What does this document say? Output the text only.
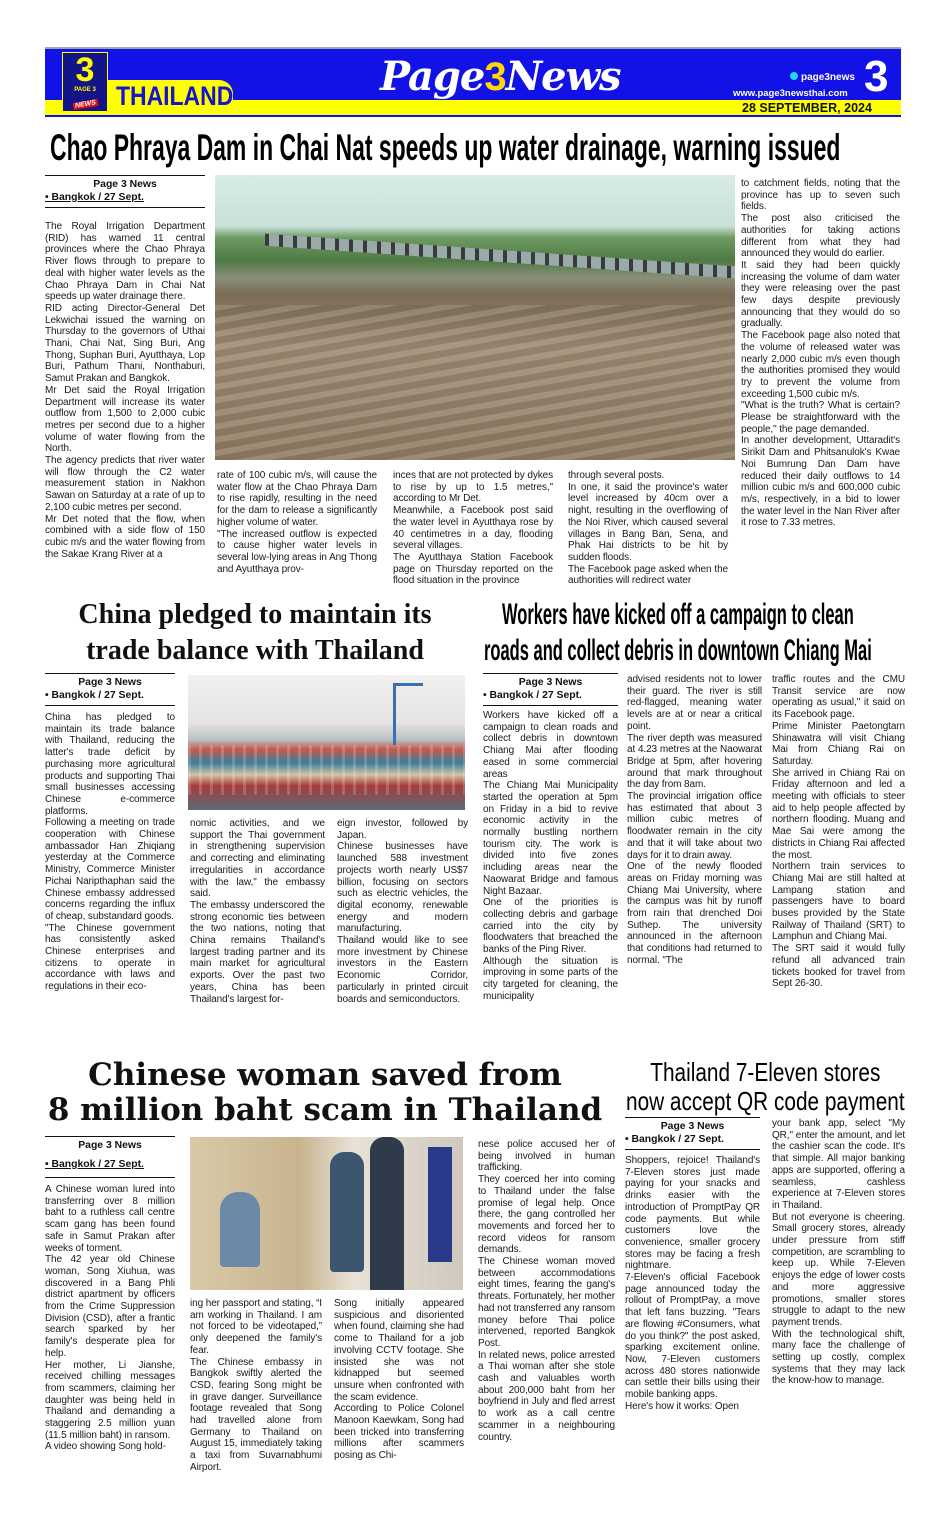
3
PAGE 3
NEWS THAILAND	Page3News	page3news
www.page3newsthai.com 3
28 SEPTEMBER, 2024
Chao Phraya Dam in Chai Nat speeds up water drainage, warning issued
Page 3 News
• Bangkok / 27 Sept.

The Royal Irrigation Department (RID) has warned 11 central provinces where the Chao Phraya River flows through to prepare to deal with higher water levels as the Chao Phraya Dam in Chai Nat speeds up water drainage there.

RID acting Director-General Det Lekwichai issued the warning on Thursday to the governors of Uthai Thani, Chai Nat, Sing Buri, Ang Thong, Suphan Buri, Ayutthaya, Lop Buri, Pathum Thani, Nonthaburi, Samut Prakan and Bangkok.

Mr Det said the Royal Irrigation Department will increase its water outflow from 1,500 to 2,000 cubic metres per second due to a higher volume of water flowing from the North.

The agency predicts that river water will flow through the C2 water measurement station in Nakhon Sawan on Saturday at a rate of up to 2,100 cubic metres per second.

Mr Det noted that the flow, when combined with a side flow of 150 cubic m/s and the water flowing from the Sakae Krang River at a

rate of 100 cubic m/s, will cause the water flow at the Chao Phraya Dam to rise rapidly, resulting in the need for the dam to release a significantly higher volume of water.

"The increased outflow is expected to cause higher water levels in several low-lying areas in Ang Thong and Ayutthaya prov-

inces that are not protected by dykes to rise by up to 1.5 metres," according to Mr Det.

Meanwhile, a Facebook post said the water level in Ayutthaya rose by 40 centimetres in a day, flooding several villages.

The Ayutthaya Station Facebook page on Thursday reported on the flood situation in the province

through several posts.

In one, it said the province's water level increased by 40cm over a night, resulting in the overflowing of the Noi River, which caused several villages in Bang Ban, Sena, and Phak Hai districts to be hit by sudden floods.

The Facebook page asked when the authorities will redirect water

to catchment fields, noting that the province has up to seven such fields.

The post also criticised the authorities for taking actions different from what they had announced they would do earlier.

It said they had been quickly increasing the volume of dam water they were releasing over the past few days despite previously announcing that they would do so gradually.

The Facebook page also noted that the volume of released water was nearly 2,000 cubic m/s even though the authorities promised they would try to prevent the volume from exceeding 1,500 cubic m/s.

"What is the truth? What is certain? Please be straightforward with the people," the page demanded.

In another development, Uttaradit's Sirikit Dam and Phitsanulok's Kwae Noi Bumrung Dan Dam have reduced their daily outflows to 14 million cubic m/s and 600,000 cubic m/s, respectively, in a bid to lower the water level in the Nan River after it rose to 7.33 metres.

China pledged to maintain its
trade balance with Thailand
Page 3 News
• Bangkok / 27 Sept.

China has pledged to maintain its trade balance with Thailand, reducing the latter's trade deficit by purchasing more agricultural products and supporting Thai small businesses accessing Chinese e-commerce platforms.

Following a meeting on trade cooperation with Chinese ambassador Han Zhiqiang yesterday at the Commerce Ministry, Commerce Minister Pichai Naripthaphan said the Chinese embassy addressed concerns regarding the influx of cheap, substandard goods.

"The Chinese government has consistently asked Chinese enterprises and citizens to operate in accordance with laws and regulations in their eco-

nomic activities, and we support the Thai government in strengthening supervision and correcting and eliminating irregularities in accordance with the law," the embassy said.

The embassy underscored the strong economic ties between the two nations, noting that China remains Thailand's largest trading partner and its main market for agricultural exports. Over the past two years, China has been Thailand's largest for-

eign investor, followed by Japan.

Chinese businesses have launched 588 investment projects worth nearly US$7 billion, focusing on sectors such as electric vehicles, the digital economy, renewable energy and modern manufacturing.

Thailand would like to see more investment by Chinese investors in the Eastern Economic Corridor, particularly in printed circuit boards and semiconductors.

Workers have kicked off a campaign to clean
roads and collect debris in downtown Chiang Mai
Page 3 News
• Bangkok / 27 Sept.

Workers have kicked off a campaign to clean roads and collect debris in downtown Chiang Mai after flooding eased in some commercial areas

The Chiang Mai Municipality started the operation at 5pm on Friday in a bid to revive economic activity in the normally bustling northern tourism city. The work is divided into five zones including areas near the Naowarat Bridge and famous Night Bazaar.

One of the priorities is collecting debris and garbage carried into the city by floodwaters that breached the banks of the Ping River.

Although the situation is improving in some parts of the city targeted for cleaning, the municipality

advised residents not to lower their guard. The river is still red-flagged, meaning water levels are at or near a critical point.

The river depth was measured at 4.23 metres at the Naowarat Bridge at 5pm, after hovering around that mark throughout the day from 8am.

The provincial irrigation office has estimated that about 3 million cubic metres of floodwater remain in the city and that it will take about two days for it to drain away.

One of the newly flooded areas on Friday morning was Chiang Mai University, where the campus was hit by runoff from rain that drenched Doi Suthep. The university announced in the afternoon that conditions had returned to normal. "The

traffic routes and the CMU Transit service are now operating as usual," it said on its Facebook page.

Prime Minister Paetongtarn Shinawatra will visit Chiang Mai from Chiang Rai on Saturday.

She arrived in Chiang Rai on Friday afternoon and led a meeting with officials to steer aid to help people affected by northern flooding. Muang and Mae Sai were among the districts in Chiang Rai affected the most.

Northern train services to Chiang Mai are still halted at Lampang station and passengers have to board buses provided by the State Railway of Thailand (SRT) to Lamphun and Chiang Mai.

The SRT said it would fully refund all advanced train tickets booked for travel from Sept 26-30.

Chinese woman saved from
8 million baht scam in Thailand
Page 3 News
• Bangkok / 27 Sept.

A Chinese woman lured into transferring over 8 million baht to a ruthless call centre scam gang has been found safe in Samut Prakan after weeks of torment.

The 42 year old Chinese woman, Song Xiuhua, was discovered in a Bang Phli district apartment by officers from the Crime Suppression Division (CSD), after a frantic search sparked by her family's desperate plea for help.

Her mother, Li Jianshe, received chilling messages from scammers, claiming her daughter was being held in Thailand and demanding a staggering 2.5 million yuan (11.5 million baht) in ransom.

A video showing Song hold-

ing her passport and stating, “I am working in Thailand. I am not forced to be videotaped,” only deepened the family's fear.

The Chinese embassy in Bangkok swiftly alerted the CSD, fearing Song might be in grave danger. Surveillance footage revealed that Song had travelled alone from Germany to Thailand on August 15, immediately taking a taxi from Suvarnabhumi Airport.

Song initially appeared suspicious and disoriented when found, claiming she had come to Thailand for a job involving CCTV footage. She insisted she was not kidnapped but seemed unsure when confronted with the scam evidence.

According to Police Colonel Manoon Kaewkam, Song had been tricked into transferring millions after scammers posing as Chi-

nese police accused her of being involved in human trafficking.

They coerced her into coming to Thailand under the false promise of legal help. Once there, the gang controlled her movements and forced her to record videos for ransom demands.

The Chinese woman moved between accommodations eight times, fearing the gang's threats. Fortunately, her mother had not transferred any ransom money before Thai police intervened, reported Bangkok Post.

In related news, police arrested a Thai woman after she stole cash and valuables worth about 200,000 baht from her boyfriend in July and fled arrest to work as a call centre scammer in a neighbouring country.

Thailand 7-Eleven stores
now accept QR code payment
Page 3 News
• Bangkok / 27 Sept.

Shoppers, rejoice! Thailand's 7-Eleven stores just made paying for your snacks and drinks easier with the introduction of PromptPay QR code payments. But while customers love the convenience, smaller grocery stores may be facing a fresh nightmare.

7-Eleven's official Facebook page announced today the rollout of PromptPay, a move that left fans buzzing. "Tears are flowing #Consumers, what do you think?" the post asked, sparking excitement online. Now, 7-Eleven customers across 480 stores nationwide can settle their bills using their mobile banking apps.

Here's how it works: Open

your bank app, select "My QR," enter the amount, and let the cashier scan the code. It's that simple. All major banking apps are supported, offering a seamless, cashless experience at 7-Eleven stores in Thailand.

But not everyone is cheering. Small grocery stores, already under pressure from stiff competition, are scrambling to keep up. While 7-Eleven enjoys the edge of lower costs and more aggressive promotions, smaller stores struggle to adapt to the new payment trends.

With the technological shift, many face the challenge of setting up costly, complex systems that they may lack the know-how to manage.
